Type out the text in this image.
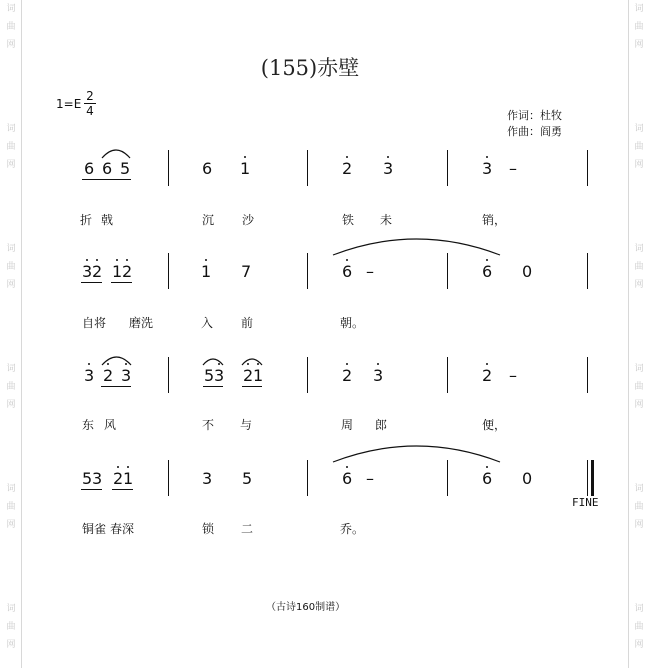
(155)赤壁
1=E
2
4	作词：杜牧
作曲：阎勇
6 6 5	6 1	2 3	3 –
折 戟	沉 沙	铁 未	销，
3 2 1 2	1 7	6 –	6 0
自将 磨洗	入 前	朝。
3 2 3	5 3 2 1	2 3	2 –
东 风	不 与	周 郎	便，
5 3 2 1	3 5	6 –	6 0
铜雀 春深	锁 二	乔。
FINE
（古诗160制谱）
词
曲
网
词
曲
网
词
曲
网
词
曲
网
词
曲
网
词
曲
网
词
曲
网
词
曲
网
词
曲
网
词
曲
网
词
曲
网
词
曲
网
